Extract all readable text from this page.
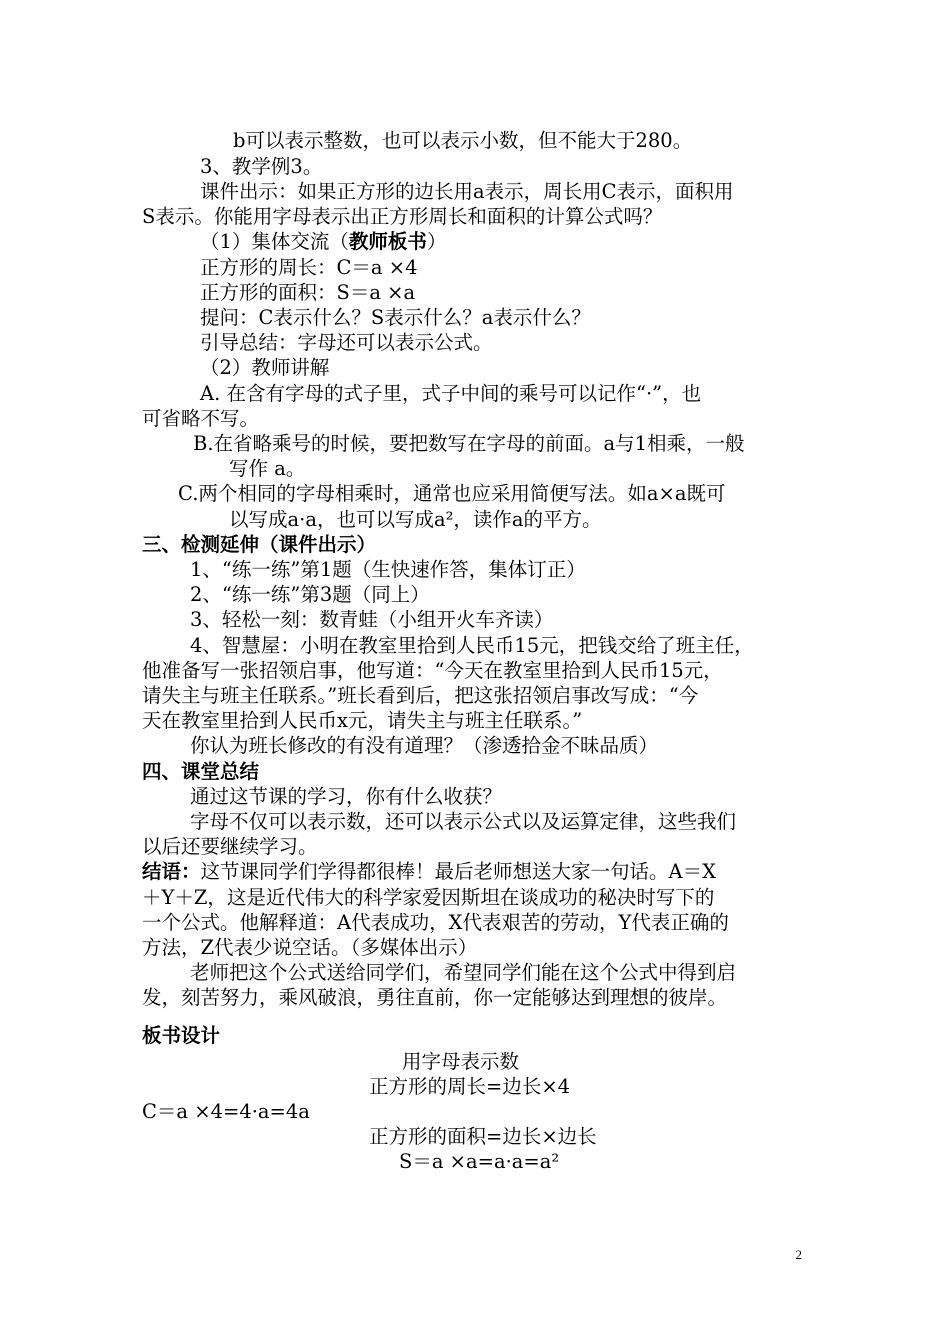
b可以表示整数，也可以表示小数，但不能大于280。
3、教学例3。
课件出示：如果正方形的边长用a表示，周长用C表示，面积用
S表示。你能用字母表示出正方形周长和面积的计算公式吗？
（1）集体交流（教师板书）
正方形的周长：C＝a ×4
正方形的面积：S＝a ×a
提问：C表示什么？S表示什么？a表示什么？
引导总结：字母还可以表示公式。
（2）教师讲解
A. 在含有字母的式子里，式子中间的乘号可以记作“·”，也
可省略不写。
B.在省略乘号的时候，要把数写在字母的前面。a与1相乘，一般
写作 a。
C.两个相同的字母相乘时，通常也应采用简便写法。如a×a既可
以写成a·a，也可以写成a²，读作a的平方。
三、检测延伸（课件出示）
1、“练一练”第1题（生快速作答，集体订正）
2、“练一练”第3题（同上）
3、轻松一刻：数青蛙（小组开火车齐读）
4、智慧屋：小明在教室里拾到人民币15元，把钱交给了班主任，
他准备写一张招领启事，他写道：“今天在教室里拾到人民币15元，
请失主与班主任联系。”班长看到后，把这张招领启事改写成：“今
天在教室里拾到人民币x元，请失主与班主任联系。”
你认为班长修改的有没有道理？（渗透拾金不昧品质）
四、课堂总结
通过这节课的学习，你有什么收获？
字母不仅可以表示数，还可以表示公式以及运算定律，这些我们
以后还要继续学习。
结语：这节课同学们学得都很棒！最后老师想送大家一句话。A＝X
＋Y＋Z，这是近代伟大的科学家爱因斯坦在谈成功的秘决时写下的
一个公式。他解释道：A代表成功，X代表艰苦的劳动，Y代表正确的
方法，Z代表少说空话。（多媒体出示）
老师把这个公式送给同学们，希望同学们能在这个公式中得到启
发，刻苦努力，乘风破浪，勇往直前，你一定能够达到理想的彼岸。
板书设计
用字母表示数
正方形的周长=边长×4
C＝a ×4=4·a=4a
正方形的面积=边长×边长
S＝a ×a=a·a=a²
2
